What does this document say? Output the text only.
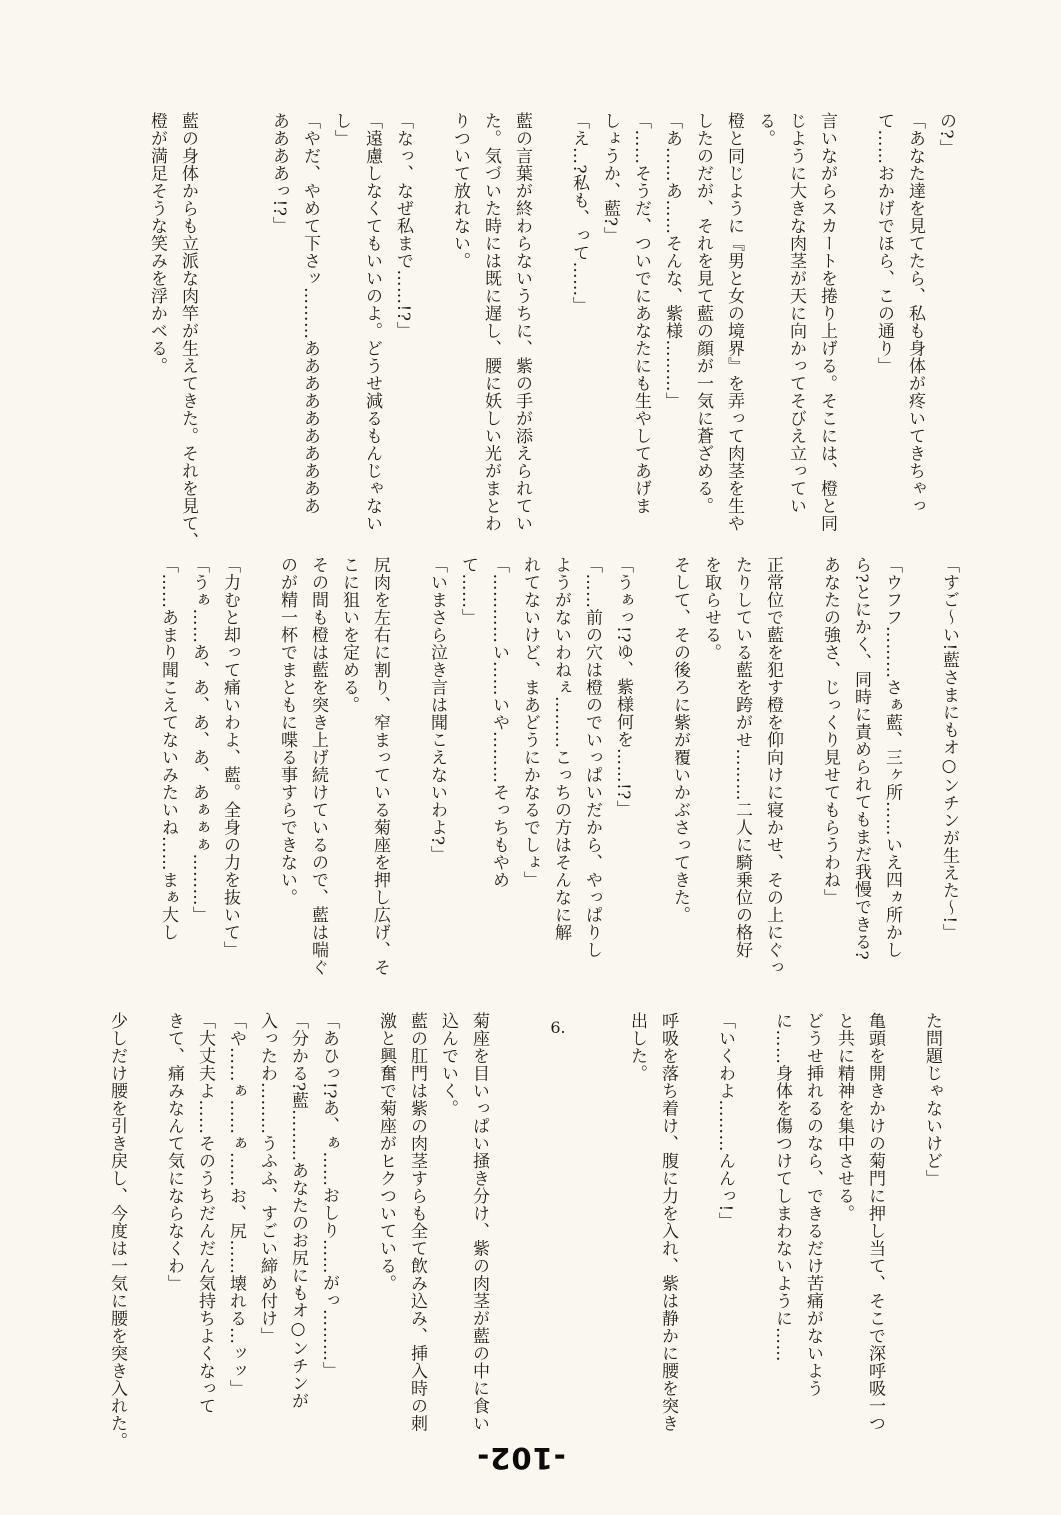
の?」

「あなた達を見てたら、私も身体が疼いてきちゃっ

て……おかげでほら、この通り」

言いながらスカートを捲り上げる。そこには、橙と同

じように大きな肉茎が天に向かってそびえ立ってい

る。

橙と同じように『男と女の境界』を弄って肉茎を生や

したのだが、それを見て藍の顔が一気に蒼ざめる。

「あ……あ……そんな、紫様………」

「……そうだ、ついでにあなたにも生やしてあげま

しょうか、藍?」

「え…?私も、って……」

藍の言葉が終わらないうちに、紫の手が添えられてい

た。気づいた時には既に遅し、腰に妖しい光がまとわ

りついて放れない。

「なっ、なぜ私まで……!?」

「遠慮しなくてもいいのよ。どうせ減るもんじゃない

し」

「やだ、やめて下さッ………ああああああああああ

ああああっ!?」

藍の身体からも立派な肉竿が生えてきた。それを見て、

橙が満足そうな笑みを浮かべる。

「すご〜い!藍さまにもオ○ンチンが生えた〜!」

「ウフフ………さぁ藍、三ヶ所……いえ四ヵ所かし

ら?とにかく、同時に責められてもまだ我慢できる?

あなたの強さ、じっくり見せてもらうわね」

正常位で藍を犯す橙を仰向けに寝かせ、その上にぐっ

たりしている藍を跨がせ………二人に騎乗位の格好

を取らせる。

そして、その後ろに紫が覆いかぶさってきた。

「うぁっ!?ゆ、紫様何を……!?」

「……前の穴は橙のでいっぱいだから、やっぱりし

ようがないわねぇ………こっちの方はそんなに解

れてないけど、まあどうにかなるでしょ」

「…………い……いや………そっちもやめ

て……」

「いまさら泣き言は聞こえないわよ?」

尻肉を左右に割り、窄まっている菊座を押し広げ、そ

こに狙いを定める。

その間も橙は藍を突き上げ続けているので、藍は喘ぐ

のが精一杯でまともに喋る事すらできない。

「力むと却って痛いわよ、藍。全身の力を抜いて」

「うぁ……あ、あ、あ、あ、あぁぁぁ………」

「……あまり聞こえてないみたいね……まぁ大し

た問題じゃないけど」

亀頭を開きかけの菊門に押し当て、そこで深呼吸一つ

と共に精神を集中させる。

どうせ挿れるのなら、できるだけ苦痛がないよう

に……身体を傷つけてしまわないように……

「いくわよ………んんっ!」

呼吸を落ち着け、腹に力を入れ、紫は静かに腰を突き

出した。

6.

菊座を目いっぱい掻き分け、紫の肉茎が藍の中に食い

込んでいく。

藍の肛門は紫の肉茎すらも全て飲み込み、挿入時の刺

激と興奮で菊座がヒクついている。

「あひっ!?あ、ぁ……おしり……がっ………」

「分かる?藍………あなたのお尻にもオ○ンチンが

入ったわ………うふふ、すごい締め付け」

「や……ぁ……ぁ……お、尻……壊れる…ッッ」

「大丈夫よ……そのうちだんだん気持ちよくなって

きて、痛みなんて気にならなくわ」

少しだけ腰を引き戻し、今度は一気に腰を突き入れた。

-102-
